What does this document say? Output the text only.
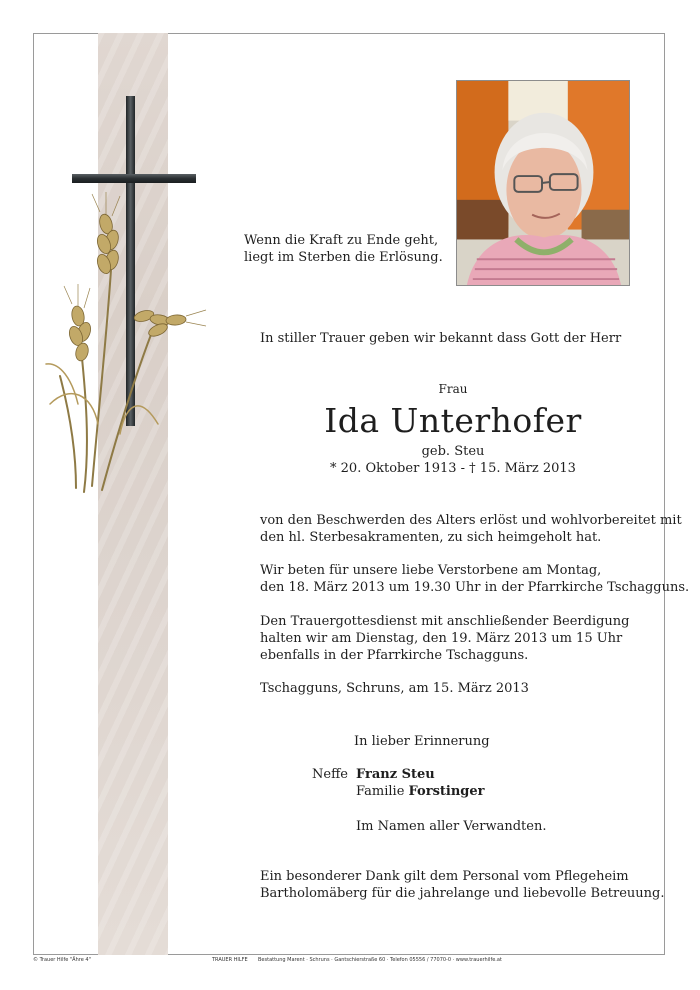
Wenn die Kraft zu Ende geht,
liegt im Sterben die Erlösung.
In stiller Trauer geben wir bekannt dass Gott der Herr
Frau
Ida Unterhofer
geb. Steu
* 20. Oktober 1913 - † 15. März 2013
von den Beschwerden des Alters erlöst und wohlvorbereitet mit
den hl. Sterbesakramenten, zu sich heimgeholt hat.
Wir beten für unsere liebe Verstorbene am Montag,
den 18. März 2013 um 19.30 Uhr in der Pfarrkirche Tschagguns.
Den Trauergottesdienst mit anschließender Beerdigung
halten wir am Dienstag, den 19. März 2013 um 15 Uhr
ebenfalls in der Pfarrkirche Tschagguns.
Tschagguns, Schruns, am 15. März 2013
In lieber Erinnerung
Neffe Franz Steu
Familie Forstinger
Im Namen aller Verwandten.
Ein besonderer Dank gilt dem Personal vom Pflegeheim
Bartholomäberg für die jahrelange und liebevolle Betreuung.
© Trauer Hilfe "Ähre 4"	TRAUER HILFE Bestattung Marent · Schruns · Gantschierstraße 60 · Telefon 05556 / 77070-0 · www.trauerhilfe.at
